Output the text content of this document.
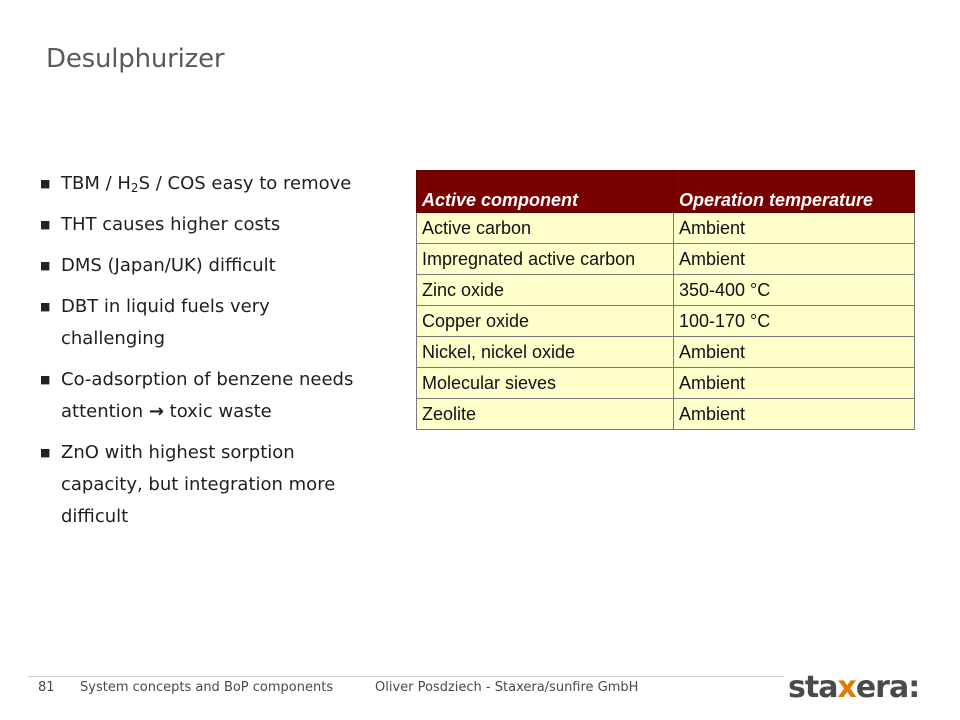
Desulphurizer
■ TBM / $H_2S$ / COS easy to remove
■ THT causes higher costs
■ DMS (Japan/UK) difficult
■ DBT in liquid fuels very challenging
■ Co-adsorption of benzene needs attention → toxic waste
■ ZnO with highest sorption capacity, but integration more difficult
Active component	Operation temperature
Active carbon	Ambient
Impregnated active carbon	Ambient
Zinc oxide	350-400 °C
Copper oxide	100-170 °C
Nickel, nickel oxide	Ambient
Molecular sieves	Ambient
Zeolite	Ambient
81 System concepts and BoP components	Oliver Posdziech - Staxera/sunfire GmbH	staxera:
